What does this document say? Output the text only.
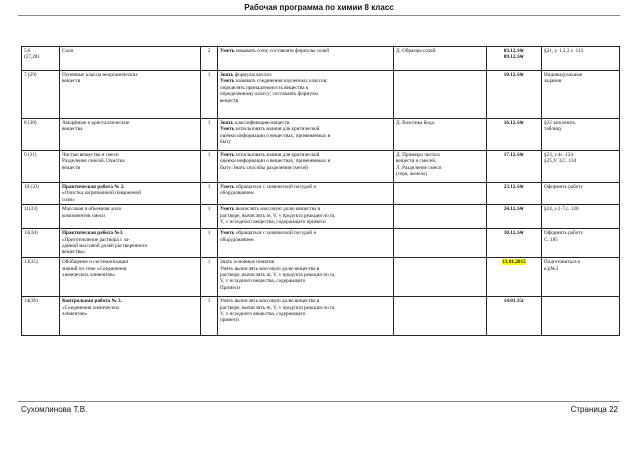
Рабочая программа по химии 8 класс
5,6
(27,28)	Соли	2	Уметь называть соли; составлять формулы солей	Д. Образцы солей.	03.12.14г
09.12.14г	§21, у. 1,2,3 с. 113

7 (29)	Основные классы неорганических
веществ	1	Знать формулы кислот.
Уметь называть соединения изученных классов;
определять принадлежность вещества к
определенному классу; составлять формулы
веществ		10.12.14г	Индивидуальные
задания

8 (30)	Аморфные и кристаллические
вещества	1	Знать классификацию веществ.
Уметь использовать знания для критической
оценки информации о веществах, применяемых в
быту	Д. Возгонка йода.	16.12.14г	§22 заполнить
таблицу

9 (31)	Чистые вещества и смеси
Разделение смесей. Очистка
веществ	1	Уметь использовать знания для критической
оценки информации о веществах, применяемых в
быту. Знать способы разделения смесей	Д. Примеры чистых
веществ и смесей.
Л. Разделение смеси
(сера, железо)	17.12.14г	§23, у.4с. 124
§25,У. 3,С. 134

10 (32)	Практическая работа № 2.
«Очистка загрязненной поваренной
соли»	1	Уметь обращаться с химической посудой и
оборудованием		23.12.14г	Оформить работу

11(33)	Массовая и объемная доля
компонентов смеси	1	Уметь вычислять массовую долю вещества в
растворе, вычислять m, V, v продукта реакции по m,
V, v исходного вещества, содержащего примеси		24.12.14г	§24, у.2-7,с. 128

12(34)	Практическая работа №3.
«Приготовление раствора с за-
данной массовой долей растворенного
вещества»	1	Уметь обращаться с химической посудой и
оборудованием		30.12.14г	Оформить работу
С. 185

13(35)	Обобщение и систематизация
знаний по теме «Соединения
химических элементов»	1	Знать основные понятия
Уметь вычислять массовую долю вещества в
растворе, вычислять m, V, v продукта реакции по m,
V, v исходного вещества, содержащего
Примеси		13.01.2015	Подготовиться к
к/р№3

14(36)	Контрольная работа № 3.
«Соединения химических
элементов»	1	Уметь вычислять массовую долю вещества в
растворе, вычислять m, V, v продукта реакции по m,
V, v исходного вещества, содержащего
примеси		14.01.15г	

Сухомлинова Т.В.	Страница 22
